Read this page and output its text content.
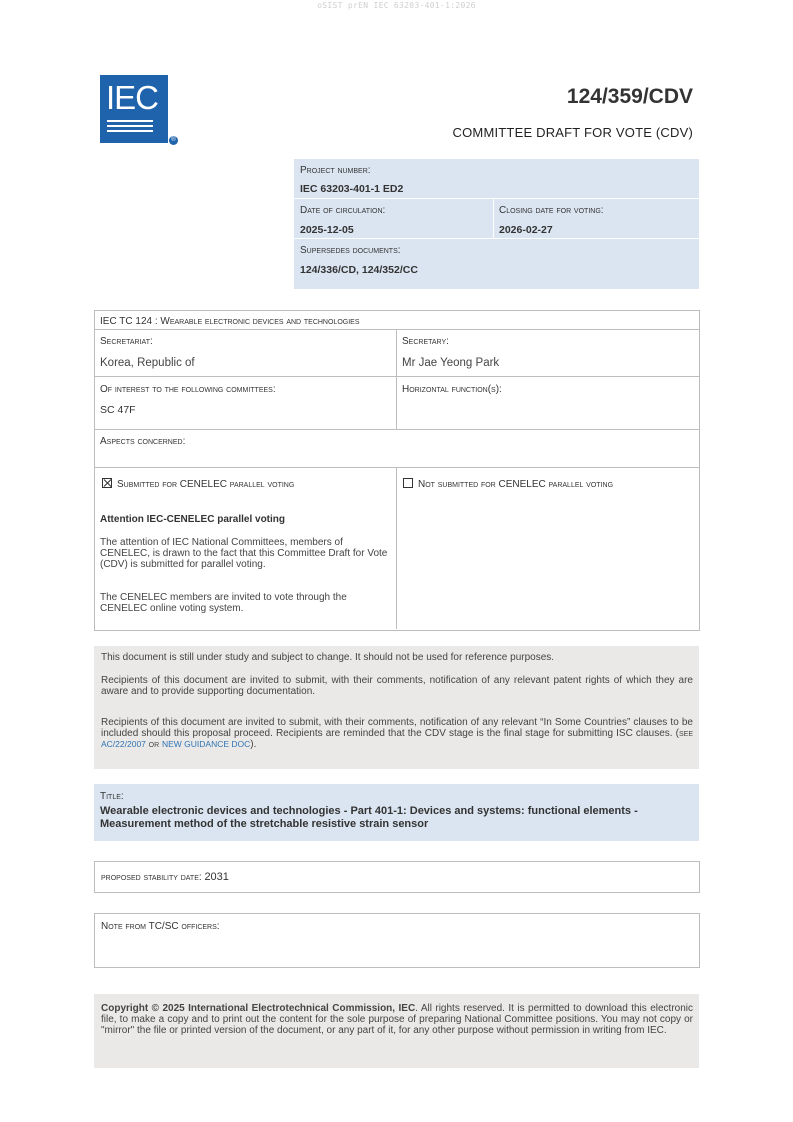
oSIST prEN IEC 63203-401-1:2026
IEC
®
124/359/CDV
COMMITTEE DRAFT FOR VOTE (CDV)
Project number:
IEC 63203-401-1 ED2
Date of circulation:
2025-12-05
Closing date for voting:
2026-02-27
Supersedes documents:
124/336/CD, 124/352/CC
IEC TC 124 : Wearable electronic devices and technologies
Secretariat:
Korea, Republic of
Secretary:
Mr Jae Yeong Park
Of interest to the following committees:
SC 47F
Horizontal function(s):
Aspects concerned:
Submitted for CENELEC parallel voting	Not submitted for CENELEC parallel voting
Attention IEC-CENELEC parallel voting
The attention of IEC National Committees, members of CENELEC, is drawn to the fact that this Committee Draft for Vote (CDV) is submitted for parallel voting.
The CENELEC members are invited to vote through the CENELEC online voting system.
This document is still under study and subject to change. It should not be used for reference purposes.
Recipients of this document are invited to submit, with their comments, notification of any relevant patent rights of which they are aware and to provide supporting documentation.
Recipients of this document are invited to submit, with their comments, notification of any relevant “In Some Countries” clauses to be included should this proposal proceed. Recipients are reminded that the CDV stage is the final stage for submitting ISC clauses. (see AC/22/2007 or NEW GUIDANCE DOC).
Title:
Wearable electronic devices and technologies - Part 401-1: Devices and systems: functional elements - Measurement method of the stretchable resistive strain sensor
proposed stability date: 2031
Note from TC/SC officers:
Copyright © 2025 International Electrotechnical Commission, IEC. All rights reserved. It is permitted to download this electronic file, to make a copy and to print out the content for the sole purpose of preparing National Committee positions. You may not copy or "mirror" the file or printed version of the document, or any part of it, for any other purpose without permission in writing from IEC.
